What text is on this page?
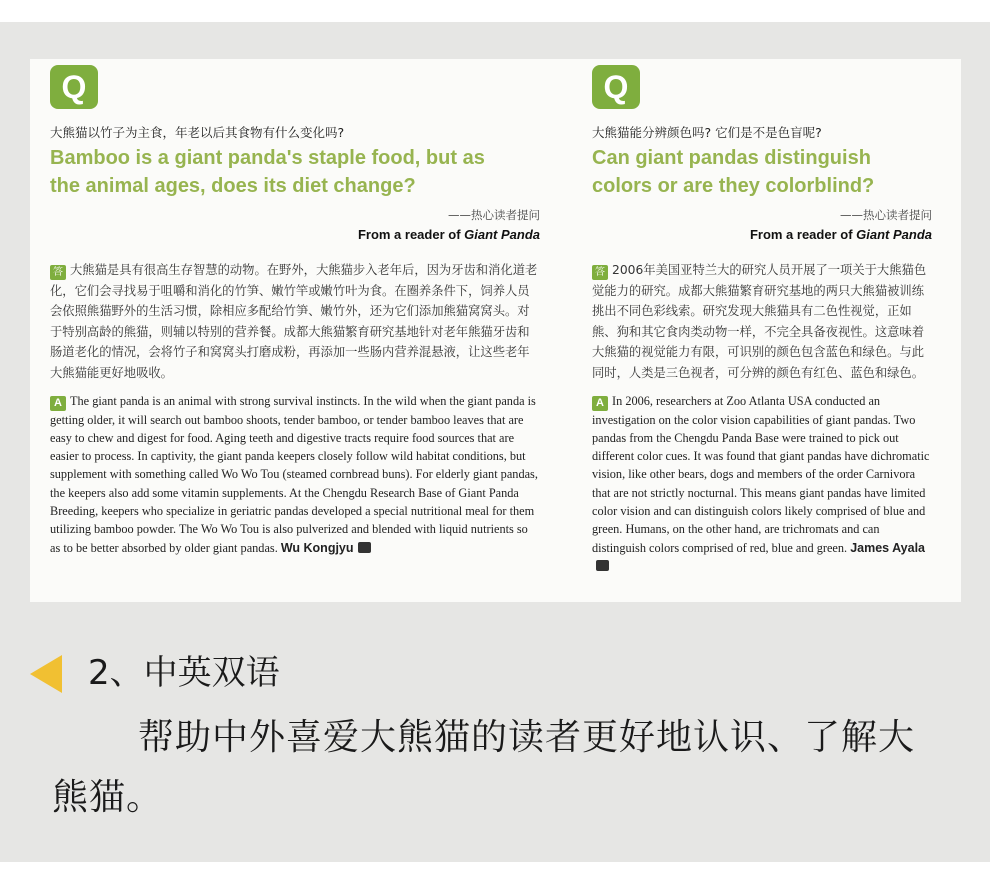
Q
大熊猫以竹子为主食，年老以后其食物有什么变化吗?
Bamboo is a giant panda's staple food, but as the animal ages, does its diet change?
——热心读者提问
From a reader of Giant Panda
答 大熊猫是具有很高生存智慧的动物。在野外，大熊猫步入老年后，因为牙齿和消化道老化，它们会寻找易于咀嚼和消化的竹笋、嫩竹竿或嫩竹叶为食。在圈养条件下，饲养人员会依照熊猫野外的生活习惯，除相应多配给竹笋、嫩竹外，还为它们添加熊猫窝窝头。对于特别高龄的熊猫，则辅以特别的营养餐。成都大熊猫繁育研究基地针对老年熊猫牙齿和肠道老化的情况，会将竹子和窝窝头打磨成粉，再添加一些肠内营养混悬液，让这些老年大熊猫能更好地吸收。
A The giant panda is an animal with strong survival instincts. In the wild when the giant panda is getting older, it will search out bamboo shoots, tender bamboo, or tender bamboo leaves that are easy to chew and digest for food. Aging teeth and digestive tracts require food sources that are easier to process. In captivity, the giant panda keepers closely follow wild habitat conditions, but supplement with something called Wo Wo Tou (steamed cornbread buns). For elderly giant pandas, the keepers also add some vitamin supplements. At the Chengdu Research Base of Giant Panda Breeding, keepers who specialize in geriatric pandas developed a special nutritional meal for them utilizing bamboo powder. The Wo Wo Tou is also pulverized and blended with liquid nutrients so as to be better absorbed by older giant pandas. Wu Kongjyu
Q
大熊猫能分辨颜色吗? 它们是不是色盲呢?
Can giant pandas distinguish colors or are they colorblind?
——热心读者提问
From a reader of Giant Panda
答 2006年美国亚特兰大的研究人员开展了一项关于大熊猫色觉能力的研究。成都大熊猫繁育研究基地的两只大熊猫被训练挑出不同色彩线索。研究发现大熊猫具有二色性视觉，正如熊、狗和其它食肉类动物一样，不完全具备夜视性。这意味着大熊猫的视觉能力有限，可识别的颜色包含蓝色和绿色。与此同时，人类是三色视者，可分辨的颜色有红色、蓝色和绿色。
A In 2006, researchers at Zoo Atlanta USA conducted an investigation on the color vision capabilities of giant pandas. Two pandas from the Chengdu Panda Base were trained to pick out different color cues. It was found that giant pandas have dichromatic vision, like other bears, dogs and members of the order Carnivora that are not strictly nocturnal. This means giant pandas have limited color vision and can distinguish colors likely comprised of blue and green. Humans, on the other hand, are trichromats and can distinguish colors comprised of red, blue and green. James Ayala
2、中英双语
帮助中外喜爱大熊猫的读者更好地认识、了解大熊猫。
